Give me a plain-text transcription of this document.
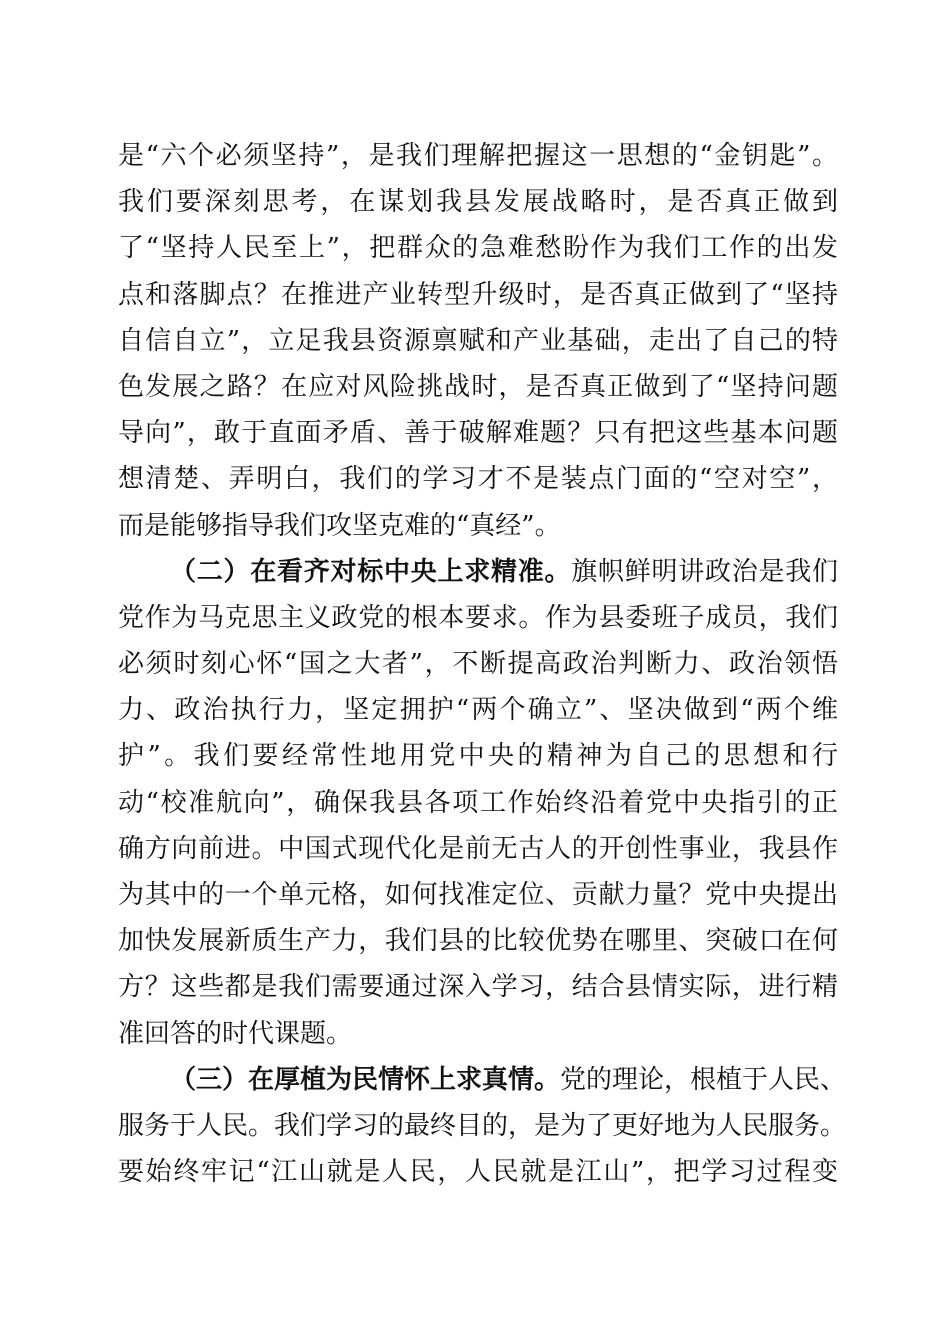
是“六个必须坚持”，是我们理解把握这一思想的“金钥匙”。
我们要深刻思考，在谋划我县发展战略时，是否真正做到
了“坚持人民至上”，把群众的急难愁盼作为我们工作的出发
点和落脚点？在推进产业转型升级时，是否真正做到了“坚持
自信自立”，立足我县资源禀赋和产业基础，走出了自己的特
色发展之路？在应对风险挑战时，是否真正做到了“坚持问题
导向”，敢于直面矛盾、善于破解难题？只有把这些基本问题
想清楚、弄明白，我们的学习才不是装点门面的“空对空”，
而是能够指导我们攻坚克难的“真经”。
（二）在看齐对标中央上求精准。旗帜鲜明讲政治是我们
党作为马克思主义政党的根本要求。作为县委班子成员，我们
必须时刻心怀“国之大者”，不断提高政治判断力、政治领悟
力、政治执行力，坚定拥护“两个确立”、坚决做到“两个维
护”。我们要经常性地用党中央的精神为自己的思想和行
动“校准航向”，确保我县各项工作始终沿着党中央指引的正
确方向前进。中国式现代化是前无古人的开创性事业，我县作
为其中的一个单元格，如何找准定位、贡献力量？党中央提出
加快发展新质生产力，我们县的比较优势在哪里、突破口在何
方？这些都是我们需要通过深入学习，结合县情实际，进行精
准回答的时代课题。
（三）在厚植为民情怀上求真情。党的理论，根植于人民、
服务于人民。我们学习的最终目的，是为了更好地为人民服务。
要始终牢记“江山就是人民，人民就是江山”，把学习过程变
